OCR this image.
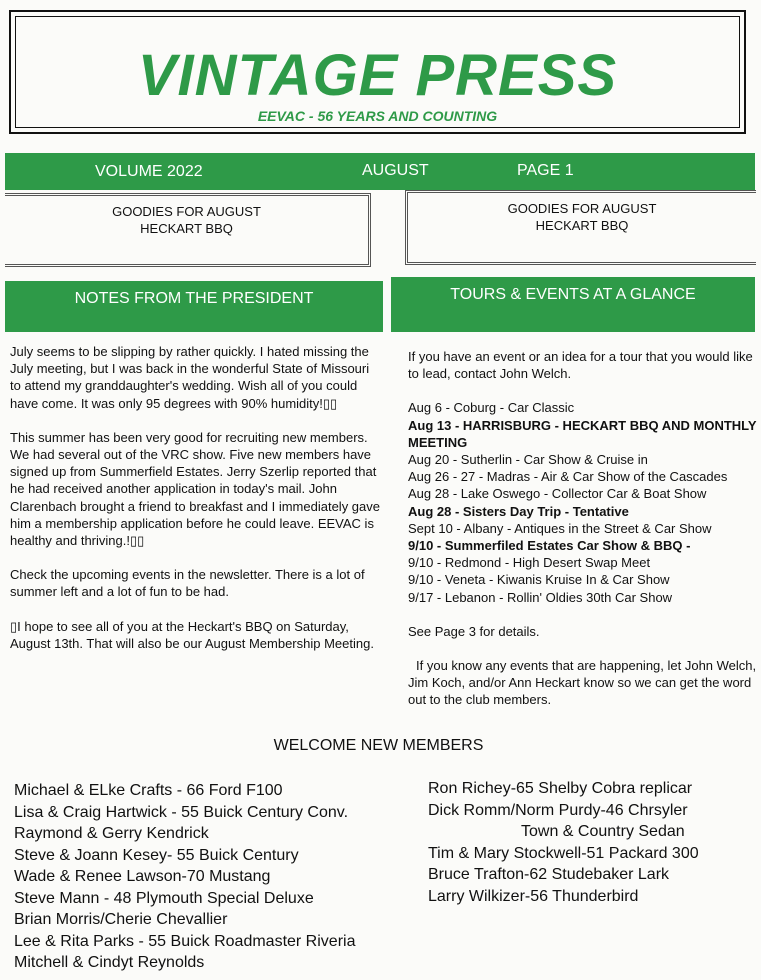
VINTAGE PRESS
EEVAC - 56 YEARS AND COUNTING
VOLUME 2022	AUGUST	PAGE 1
GOODIES FOR AUGUST
HECKART BBQ
GOODIES FOR AUGUST
HECKART BBQ
NOTES FROM THE PRESIDENT	TOURS & EVENTS AT A GLANCE

July seems to be slipping by rather quickly. I hated missing the July meeting, but I was back in the wonderful State of Missouri to attend my granddaughter's wedding. Wish all of you could have come. It was only 95 degrees with 90% humidity!▯▯

This summer has been very good for recruiting new members. We had several out of the VRC show. Five new members have signed up from Summerfield Estates. Jerry Szerlip reported that he had received another application in today's mail. John Clarenbach brought a friend to breakfast and I immediately gave him a membership application before he could leave. EEVAC is healthy and thriving.!▯▯

Check the upcoming events in the newsletter. There is a lot of summer left and a lot of fun to be had.

▯I hope to see all of you at the Heckart's BBQ on Saturday, August 13th. That will also be our August Membership Meeting.

If you have an event or an idea for a tour that you would like to lead, contact John Welch.

Aug 6 - Coburg - Car Classic
Aug 13 - HARRISBURG - HECKART BBQ AND MONTHLY MEETING
Aug 20 - Sutherlin - Car Show & Cruise in
Aug 26 - 27 - Madras - Air & Car Show of the Cascades
Aug 28 - Lake Oswego - Collector Car & Boat Show
Aug 28 - Sisters Day Trip - Tentative
Sept 10 - Albany - Antiques in the Street & Car Show
9/10 - Summerfiled Estates Car Show & BBQ -
9/10 - Redmond - High Desert Swap Meet
9/10 - Veneta - Kiwanis Kruise In & Car Show
9/17 - Lebanon - Rollin' Oldies 30th Car Show

See Page 3 for details.

If you know any events that are happening, let John Welch, Jim Koch, and/or Ann Heckart know so we can get the word out to the club members.

WELCOME NEW MEMBERS
Michael & ELke Crafts - 66 Ford F100
Lisa & Craig Hartwick - 55 Buick Century Conv.
Raymond & Gerry Kendrick
Steve & Joann Kesey- 55 Buick Century
Wade & Renee Lawson-70 Mustang
Steve Mann - 48 Plymouth Special Deluxe
Brian Morris/Cherie Chevallier
Lee & Rita Parks - 55 Buick Roadmaster Riveria
Mitchell & Cindyt Reynolds
Ron Richey-65 Shelby Cobra replicar
Dick Romm/Norm Purdy-46 Chrsyler
Town & Country Sedan
Tim & Mary Stockwell-51 Packard 300
Bruce Trafton-62 Studebaker Lark
Larry Wilkizer-56 Thunderbird
